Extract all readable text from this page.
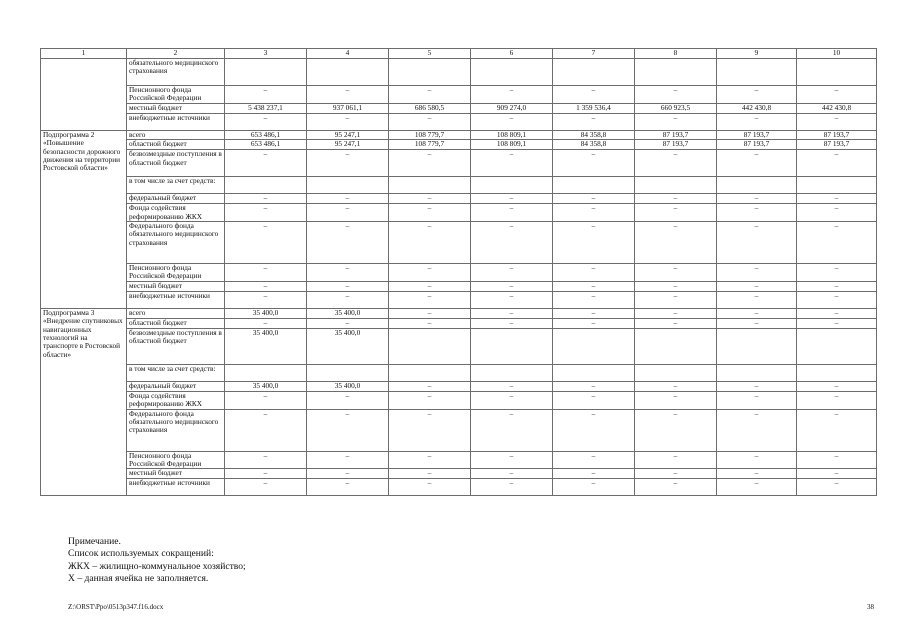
1	2	3	4	5	6	7	8	9	10
	обязательного медицинского страхования								
	Пенсионного фонда Российской Федерации	–	–	–	–	–	–	–	–
	местный бюджет	5 438 237,1	937 061,1	686 580,5	909 274,0	1 359 536,4	660 923,5	442 430,8	442 430,8
	внебюджетные источники	–	–	–	–	–	–	–	–
Подпрограмма 2 «Повышение безопасности дорожного движения на территории Ростовской области»	всего	653 486,1	95 247,1	108 779,7	108 809,1	84 358,8	87 193,7	87 193,7	87 193,7
	областной бюджет	653 486,1	95 247,1	108 779,7	108 809,1	84 358,8	87 193,7	87 193,7	87 193,7
	безвозмездные поступления в областной бюджет	–	–	–	–	–	–	–	–
	в том числе за счет средств:								
	федеральный бюджет	–	–	–	–	–	–	–	–
	Фонда содействия реформированию ЖКХ	–	–	–	–	–	–	–	–
	Федерального фонда обязательного медицинского страхования	–	–	–	–	–	–	–	–
	Пенсионного фонда Российской Федерации	–	–	–	–	–	–	–	–
	местный бюджет	–	–	–	–	–	–	–	–
	внебюджетные источники	–	–	–	–	–	–	–	–
Подпрограмма 3 «Внедрение спутниковых навигационных технологий на транспорте в Ростовской области»	всего	35 400,0	35 400,0	–	–	–	–	–	–
	областной бюджет	–	–	–	–	–	–	–	–
	безвозмездные поступления в областной бюджет	35 400,0	35 400,0						
	в том числе за счет средств:								
	федеральный бюджет	35 400,0	35 400,0	–	–	–	–	–	–
	Фонда содействия реформированию ЖКХ	–	–	–	–	–	–	–	–
	Федерального фонда обязательного медицинского страхования	–	–	–	–	–	–	–	–
	Пенсионного фонда Российской Федерации	–	–	–	–	–	–	–	–
	местный бюджет	–	–	–	–	–	–	–	–
	внебюджетные источники	–	–	–	–	–	–	–	–
Примечание.
Список используемых сокращений:
ЖКХ – жилищно-коммунальное хозяйство;
Х – данная ячейка не заполняется.
Z:\ORST\Ppo\0513p347.f16.docx	38
